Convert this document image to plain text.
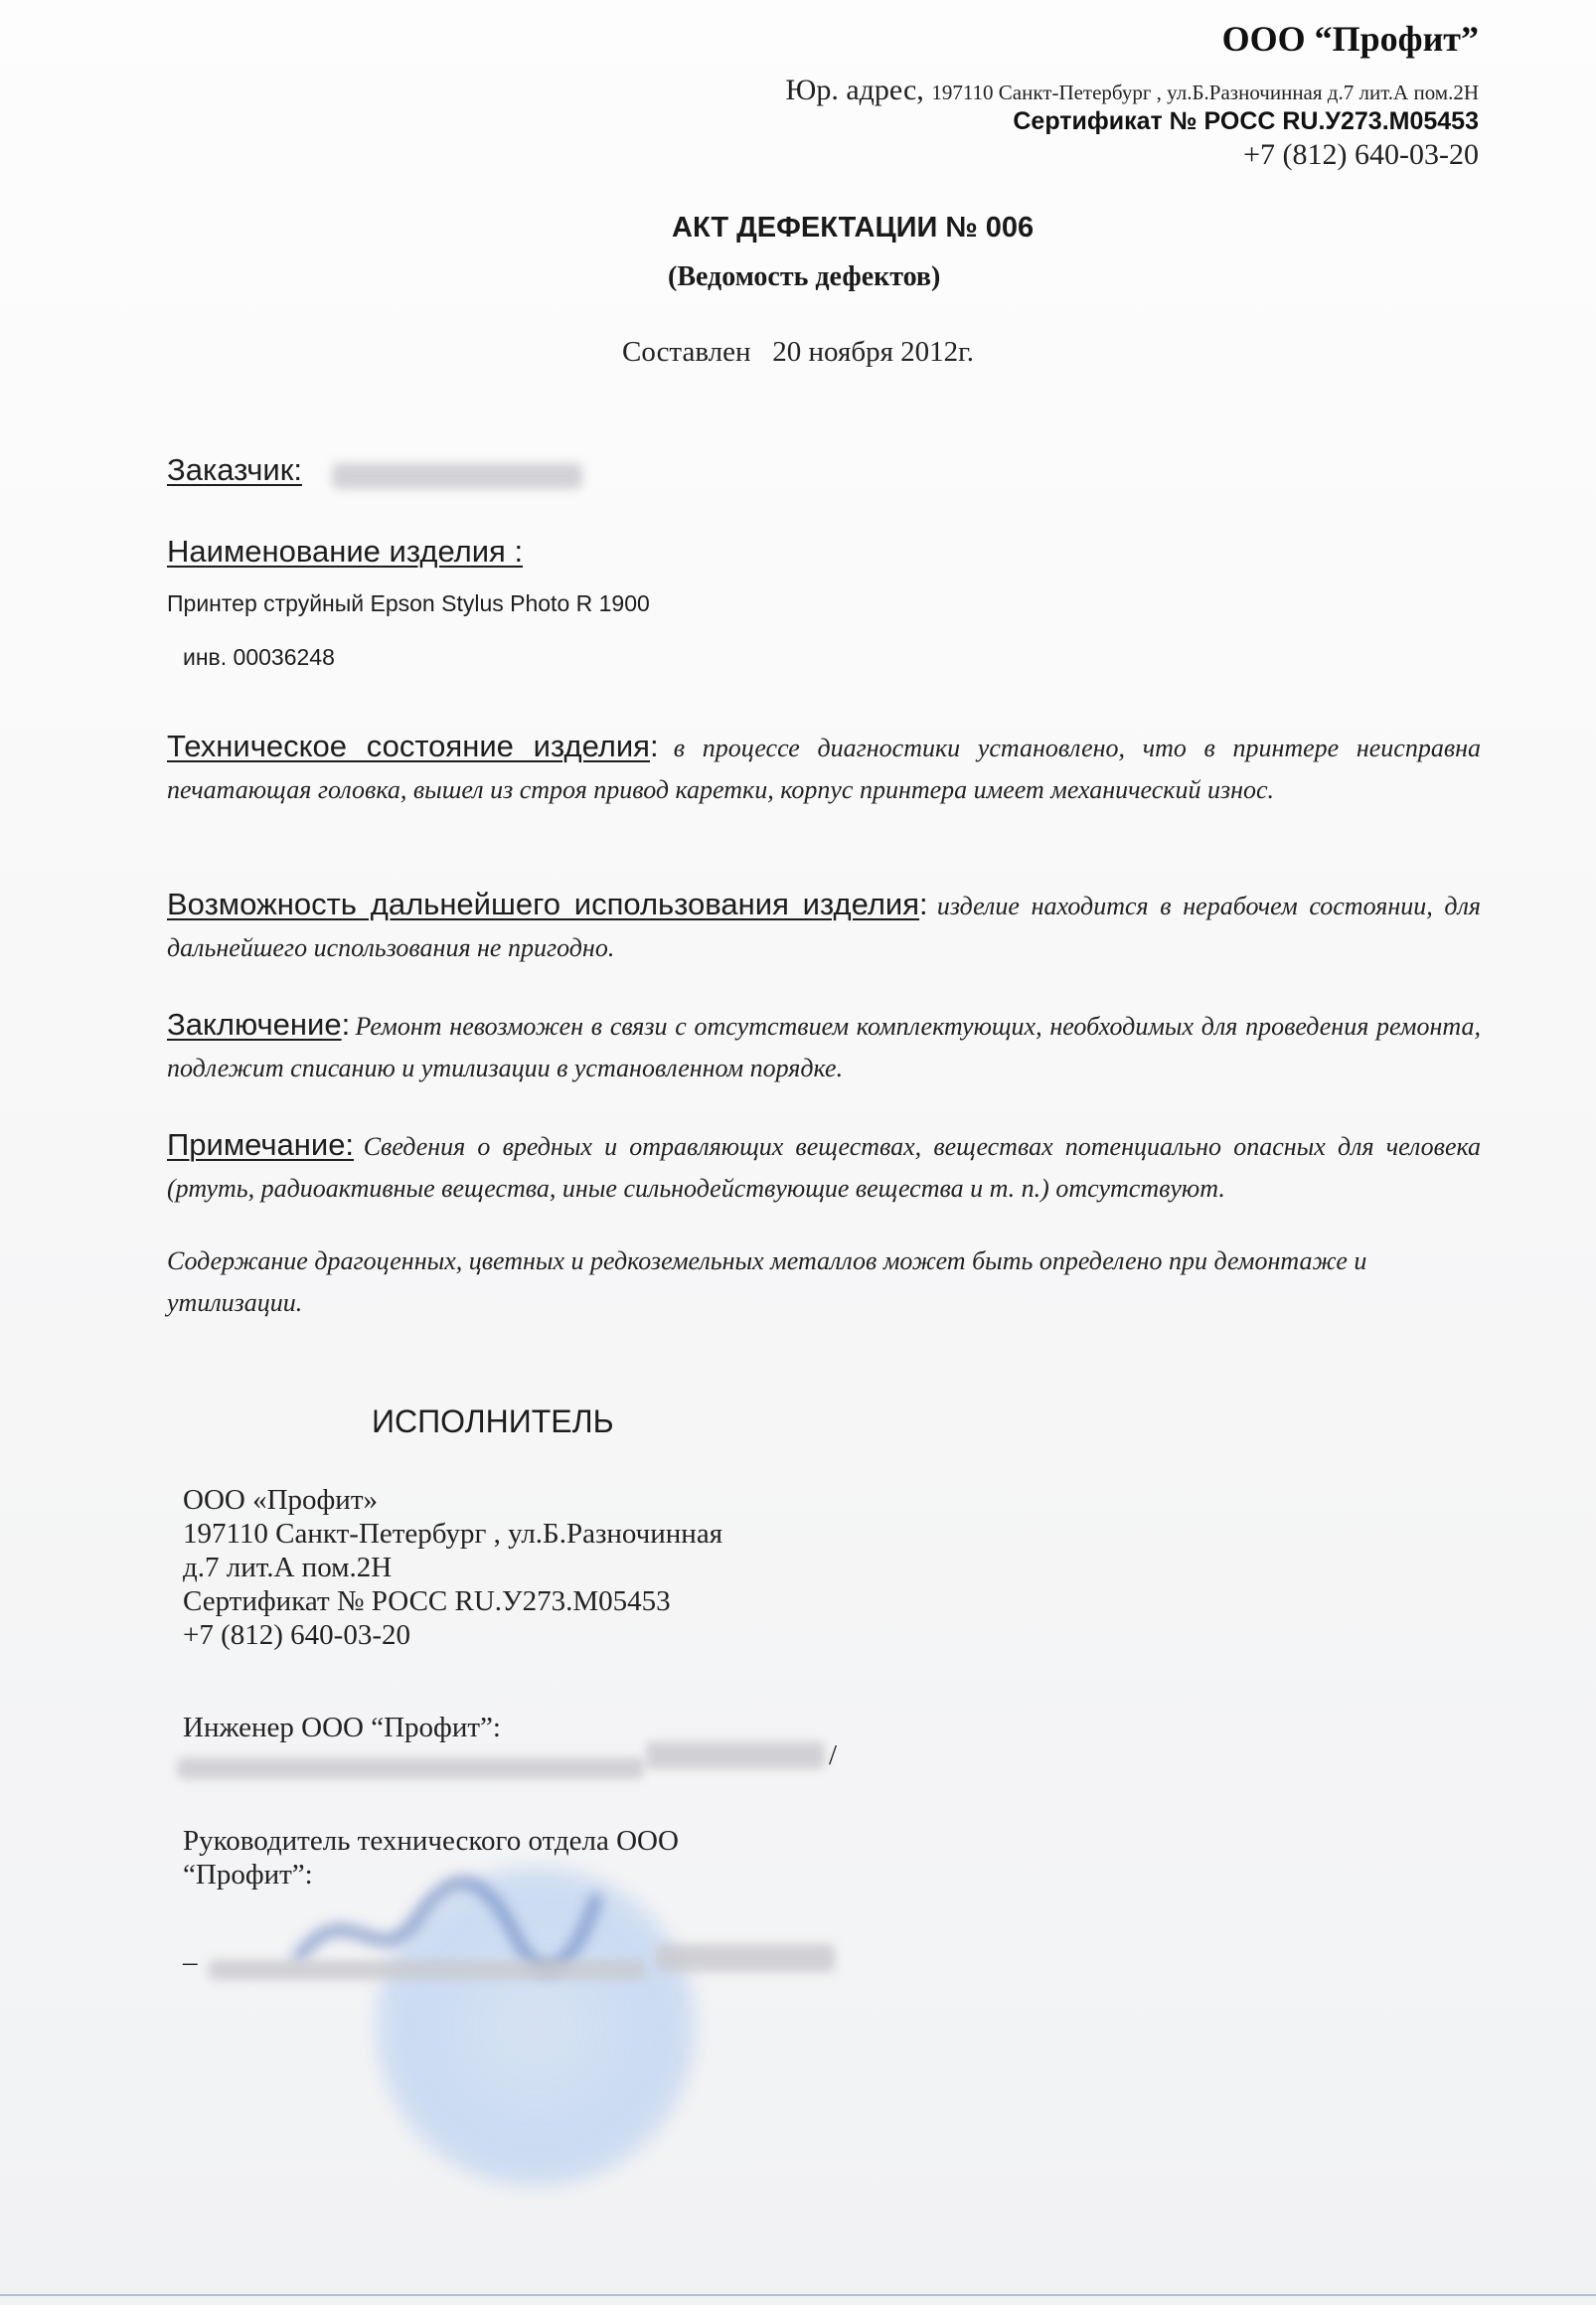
ООО “Профит”
Юр. адрес, 197110 Санкт-Петербург , ул.Б.Разночинная д.7 лит.А пом.2Н
Сертификат № РОСС RU.У273.М05453
+7 (812) 640-03-20
АКТ ДЕФЕКТАЦИИ № 006
(Ведомость дефектов)
Составлен   20 ноября 2012г.
Заказчик:
Наименование изделия :
Принтер струйный Epson Stylus Photo R 1900
инв. 00036248
Техническое состояние изделия: в процессе диагностики установлено, что в принтере неисправна печатающая головка, вышел из строя привод каретки, корпус принтера имеет механический износ.
Возможность дальнейшего использования изделия: изделие находится в нерабочем состоянии, для дальнейшего использования не пригодно.
Заключение: Ремонт невозможен в связи с отсутствием комплектующих, необходимых для проведения ремонта, подлежит списанию и утилизации в установленном порядке.
Примечание: Сведения о вредных и отравляющих веществах, веществах потенциально опасных для человека (ртуть, радиоактивные вещества, иные сильнодействующие вещества и т. п.) отсутствуют.
Содержание драгоценных, цветных и редкоземельных металлов может быть определено при демонтаже и утилизации.
ИСПОЛНИТЕЛЬ
ООО «Профит»
197110 Санкт-Петербург , ул.Б.Разночинная
д.7 лит.А пом.2Н
Сертификат № РОСС RU.У273.М05453
+7 (812) 640-03-20
Инженер ООО “Профит”:
/
Руководитель технического отдела ООО
“Профит”:
–
